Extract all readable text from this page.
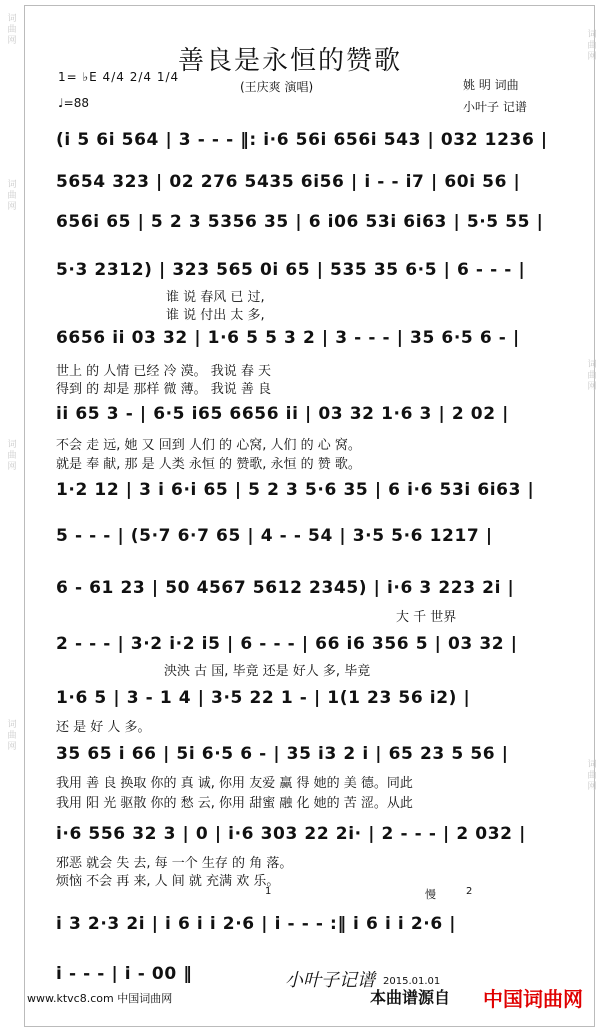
词
曲
网
词
曲
网
词
曲
网
词
曲
网
词
曲
网
词
曲
网
词
曲
网
善良是永恒的赞歌
(王庆爽 演唱)
1= ♭E 4/4 2/4 1/4
♩=88
姚 明 词曲
小叶子 记谱
(i 5 6i 564 | 3 - - - ‖: i·6 56i 656i 543 | 032 1236 |
5654 323 | 02 276 5435 6i56 | i - - i7 | 60i 56 |
656i 65 | 5 2 3 5356 35 | 6 i06 53i 6i63 | 5·5 55 |
5·3 2312) | 323 565 0i 65 | 535 35 6·5 | 6 - - - |
谁 说 春风 已 过,
谁 说 付出 太 多,
6656 ii 03 32 | 1·6 5 5 3 2 | 3 - - - | 35 6·5 6 - |
世上 的 人情 已经 冷 漠。 我说 春 天
得到 的 却是 那样 微 薄。 我说 善 良
ii 65 3 - | 6·5 i65 6656 ii | 03 32 1·6 3 | 2 02 |
不会 走 远, 她 又 回到 人们 的 心窝, 人们 的 心 窝。
就是 奉 献, 那 是 人类 永恒 的 赞歌, 永恒 的 赞 歌。
1·2 12 | 3 i 6·i 65 | 5 2 3 5·6 35 | 6 i·6 53i 6i63 |
5 - - - | (5·7 6·7 65 | 4 - - 54 | 3·5 5·6 1217 |
6 - 61 23 | 50 4567 5612 2345) | i·6 3 223 2i |
大 千 世界
2 - - - | 3·2 i·2 i5 | 6 - - - | 66 i6 356 5 | 03 32 |
泱泱 古 国, 毕竟 还是 好人 多, 毕竟
1·6 5 | 3 - 1 4 | 3·5 22 1 - | 1(1 23 56 i2) |
还 是 好 人 多。
35 65 i 66 | 5i 6·5 6 - | 35 i3 2 i | 65 23 5 56 |
我用 善 良 换取 你的 真 诚, 你用 友爱 赢 得 她的 美 德。同此
我用 阳 光 驱散 你的 愁 云, 你用 甜蜜 融 化 她的 苦 涩。从此
i·6 556 32 3 | 0 | i·6 303 22 2i· | 2 - - - | 2 032 |
邪恶 就会 失 去, 每 一个 生存 的 角 落。
烦恼 不会 再 来, 人 间 就 充满 欢 乐。
1	慢	2
i 3 2·3 2i | i 6 i i 2·6 | i - - - :‖ i 6 i i 2·6 |
i - - - | i - 00 ‖	小叶子记谱 2015.01.01
www.ktvc8.com 中国词曲网	本曲谱源自 中国词曲网
